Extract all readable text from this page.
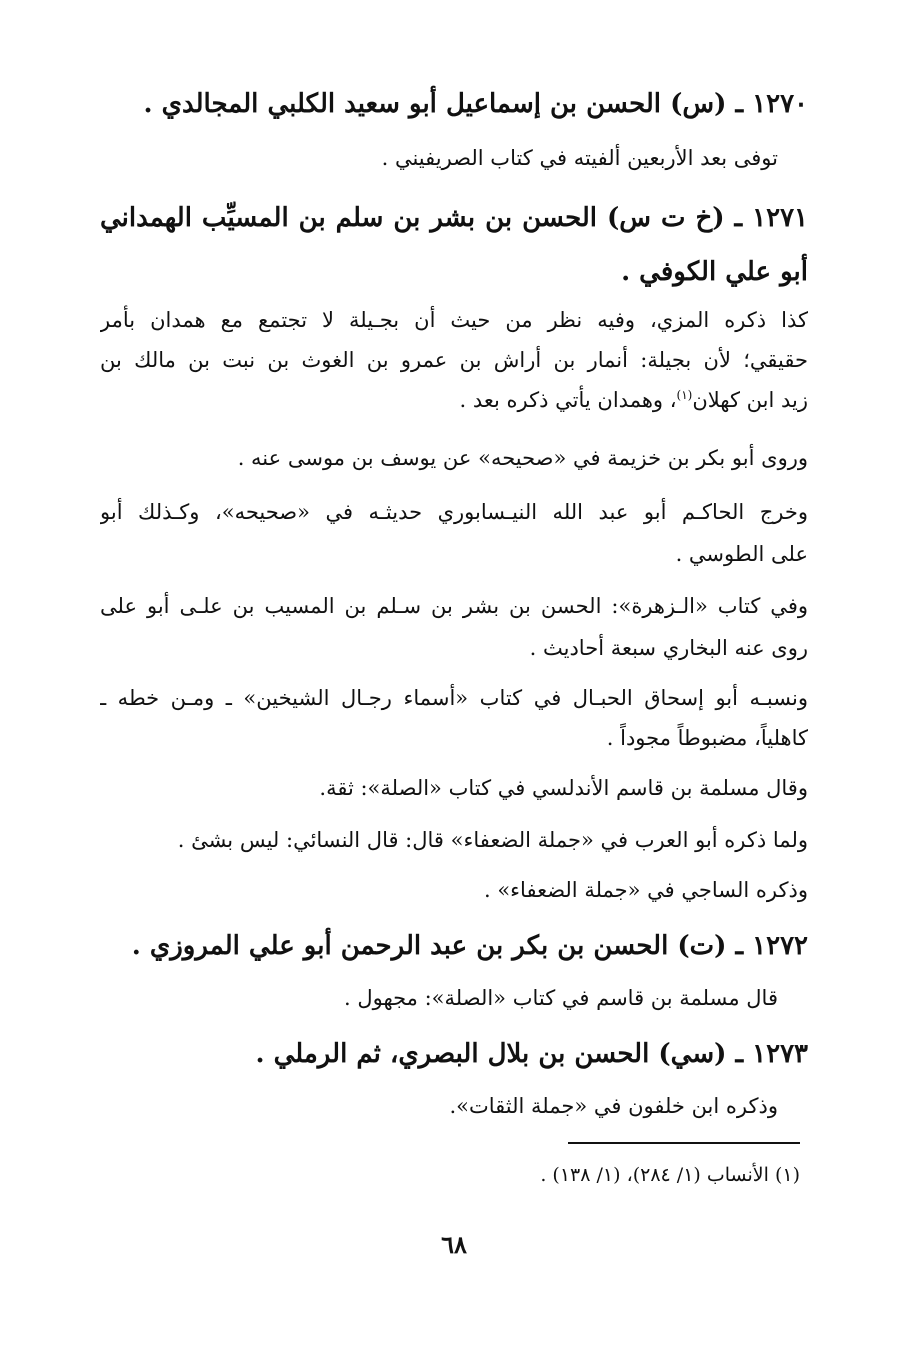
١٢٧٠ ـ (س) الحسن بن إسماعيل أبو سعيد الكلبي المجالدي .
توفى بعد الأربعين ألفيته في كتاب الصريفيني .
١٢٧١ ـ (خ ت س) الحسن بن بشر بن سلم بن المسيِّب الهمداني
أبو علي الكوفي .
كذا ذكره المزي، وفيه نظر من حيث أن بجـيلة لا تجتمع مع همدان بأمر
حقيقي؛ لأن بجيلة: أنمار بن أراش بن عمرو بن الغوث بن نبت بن مالك بن
زيد ابن كهلان$^{(١)}$، وهمدان يأتي ذكره بعد .
وروى أبو بكر بن خزيمة في «صحيحه» عن يوسف بن موسى عنه .
وخرج الحاكـم أبو عبد الله النيـسابوري حديثـه في «صحيحه»، وكـذلك أبو
على الطوسي .
وفي كتاب «الـزهرة»: الحسن بن بشر بن سـلم بن المسيب بن علـى أبو على
روى عنه البخاري سبعة أحاديث .
ونسبـه أبو إسحاق الحبـال في كتاب «أسماء رجـال الشيخين» ـ ومـن خطه ـ
كاهلياً، مضبوطاً مجوداً .
وقال مسلمة بن قاسم الأندلسي في كتاب «الصلة»: ثقة.
ولما ذكره أبو العرب في «جملة الضعفاء» قال: قال النسائي: ليس بشئ .
وذكره الساجي في «جملة الضعفاء» .
١٢٧٢ ـ (ت) الحسن بن بكر بن عبد الرحمن أبو علي المروزي .
قال مسلمة بن قاسم في كتاب «الصلة»: مجهول .
١٢٧٣ ـ (سي) الحسن بن بلال البصري، ثم الرملي .
وذكره ابن خلفون في «جملة الثقات».
(١) الأنساب (١/ ٢٨٤)، (١/ ١٣٨) .
٦٨
